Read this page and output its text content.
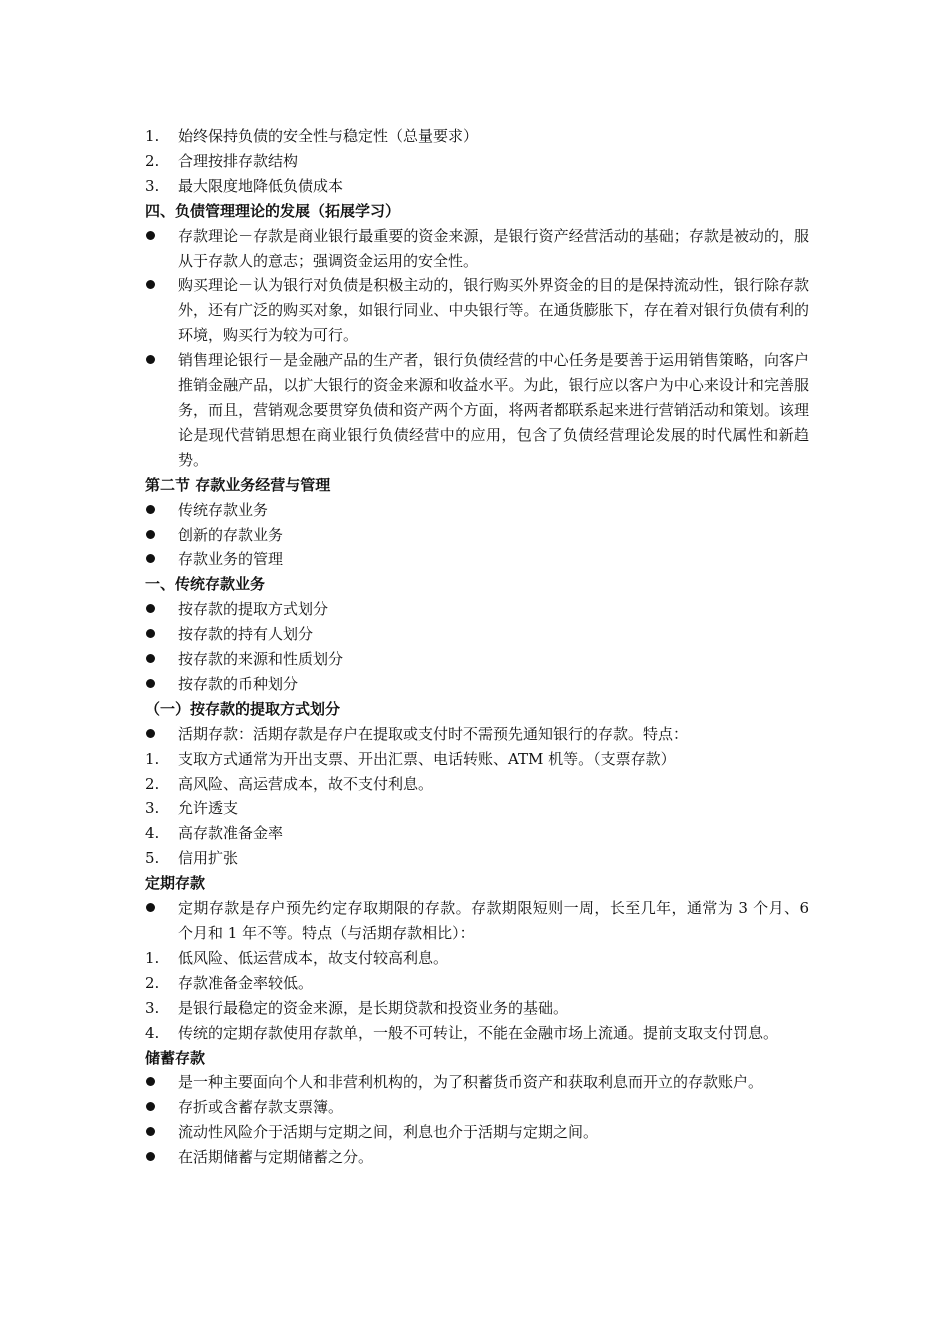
1.	始终保持负债的安全性与稳定性（总量要求）
2.	合理按排存款结构
3.	最大限度地降低负债成本
四、负债管理理论的发展（拓展学习）
存款理论－存款是商业银行最重要的资金来源，是银行资产经营活动的基础；存款是被动的，服从于存款人的意志；强调资金运用的安全性。
购买理论－认为银行对负债是积极主动的，银行购买外界资金的目的是保持流动性，银行除存款外，还有广泛的购买对象，如银行同业、中央银行等。在通货膨胀下，存在着对银行负债有利的环境，购买行为较为可行。
销售理论银行－是金融产品的生产者，银行负债经营的中心任务是要善于运用销售策略，向客户推销金融产品，以扩大银行的资金来源和收益水平。为此，银行应以客户为中心来设计和完善服务，而且，营销观念要贯穿负债和资产两个方面，将两者都联系起来进行营销活动和策划。该理论是现代营销思想在商业银行负债经营中的应用，包含了负债经营理论发展的时代属性和新趋势。
第二节 存款业务经营与管理
传统存款业务
创新的存款业务
存款业务的管理
一、传统存款业务
按存款的提取方式划分
按存款的持有人划分
按存款的来源和性质划分
按存款的币种划分
（一）按存款的提取方式划分
活期存款：活期存款是存户在提取或支付时不需预先通知银行的存款。特点：
1.	支取方式通常为开出支票、开出汇票、电话转账、ATM 机等。（支票存款）
2.	高风险、高运营成本，故不支付利息。
3.	允许透支
4.	高存款准备金率
5.	信用扩张
定期存款
定期存款是存户预先约定存取期限的存款。存款期限短则一周，长至几年，通常为 3 个月、6 个月和 1 年不等。特点（与活期存款相比）：
1.	低风险、低运营成本，故支付较高利息。
2.	存款准备金率较低。
3.	是银行最稳定的资金来源，是长期贷款和投资业务的基础。
4.	传统的定期存款使用存款单，一般不可转让，不能在金融市场上流通。提前支取支付罚息。
储蓄存款
是一种主要面向个人和非营利机构的，为了积蓄货币资产和获取利息而开立的存款账户。
存折或含蓄存款支票簿。
流动性风险介于活期与定期之间，利息也介于活期与定期之间。
在活期储蓄与定期储蓄之分。
